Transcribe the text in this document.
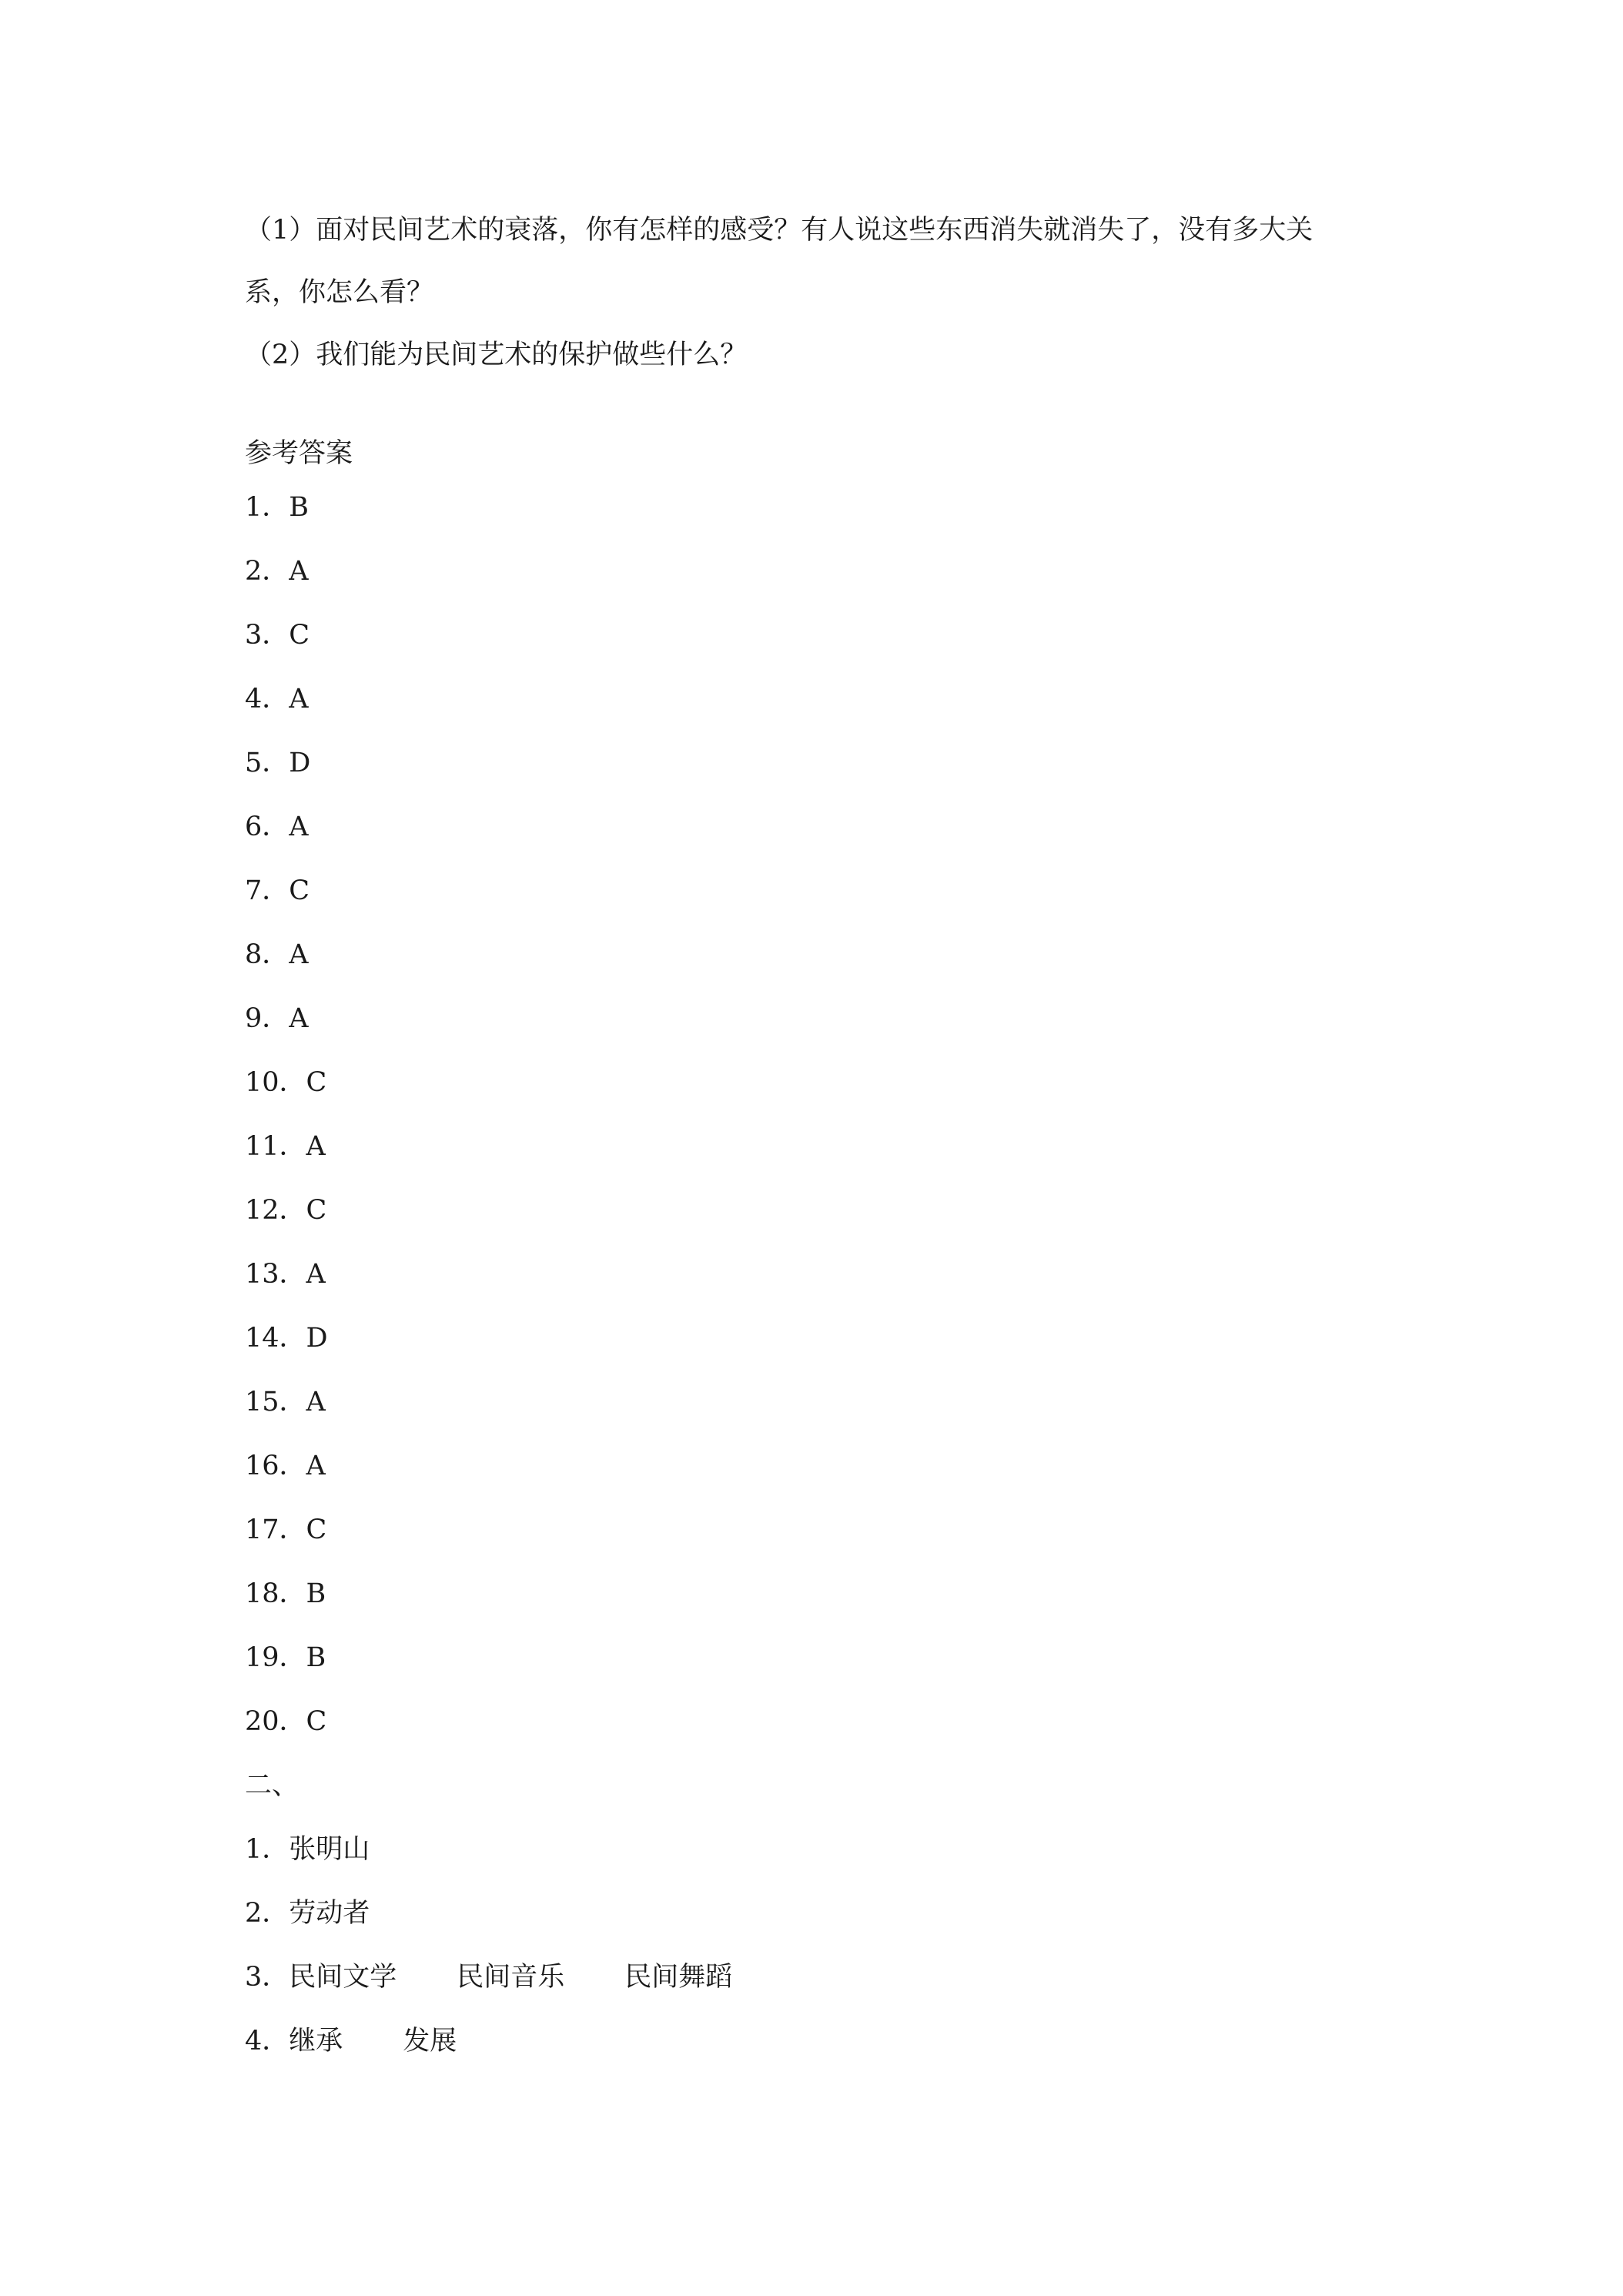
（1）面对民间艺术的衰落，你有怎样的感受？有人说这些东西消失就消失了，没有多大关

系，你怎么看？

（2）我们能为民间艺术的保护做些什么？

参考答案

1．B

2．A

3．C

4．A

5．D

6．A

7．C

8．A

9．A

10．C

11．A

12．C

13．A

14．D

15．A

16．A

17．C

18．B

19．B

20．C

二、

1．张明山

2．劳动者

3．民间文学 民间音乐 民间舞蹈

4．继承 发展
